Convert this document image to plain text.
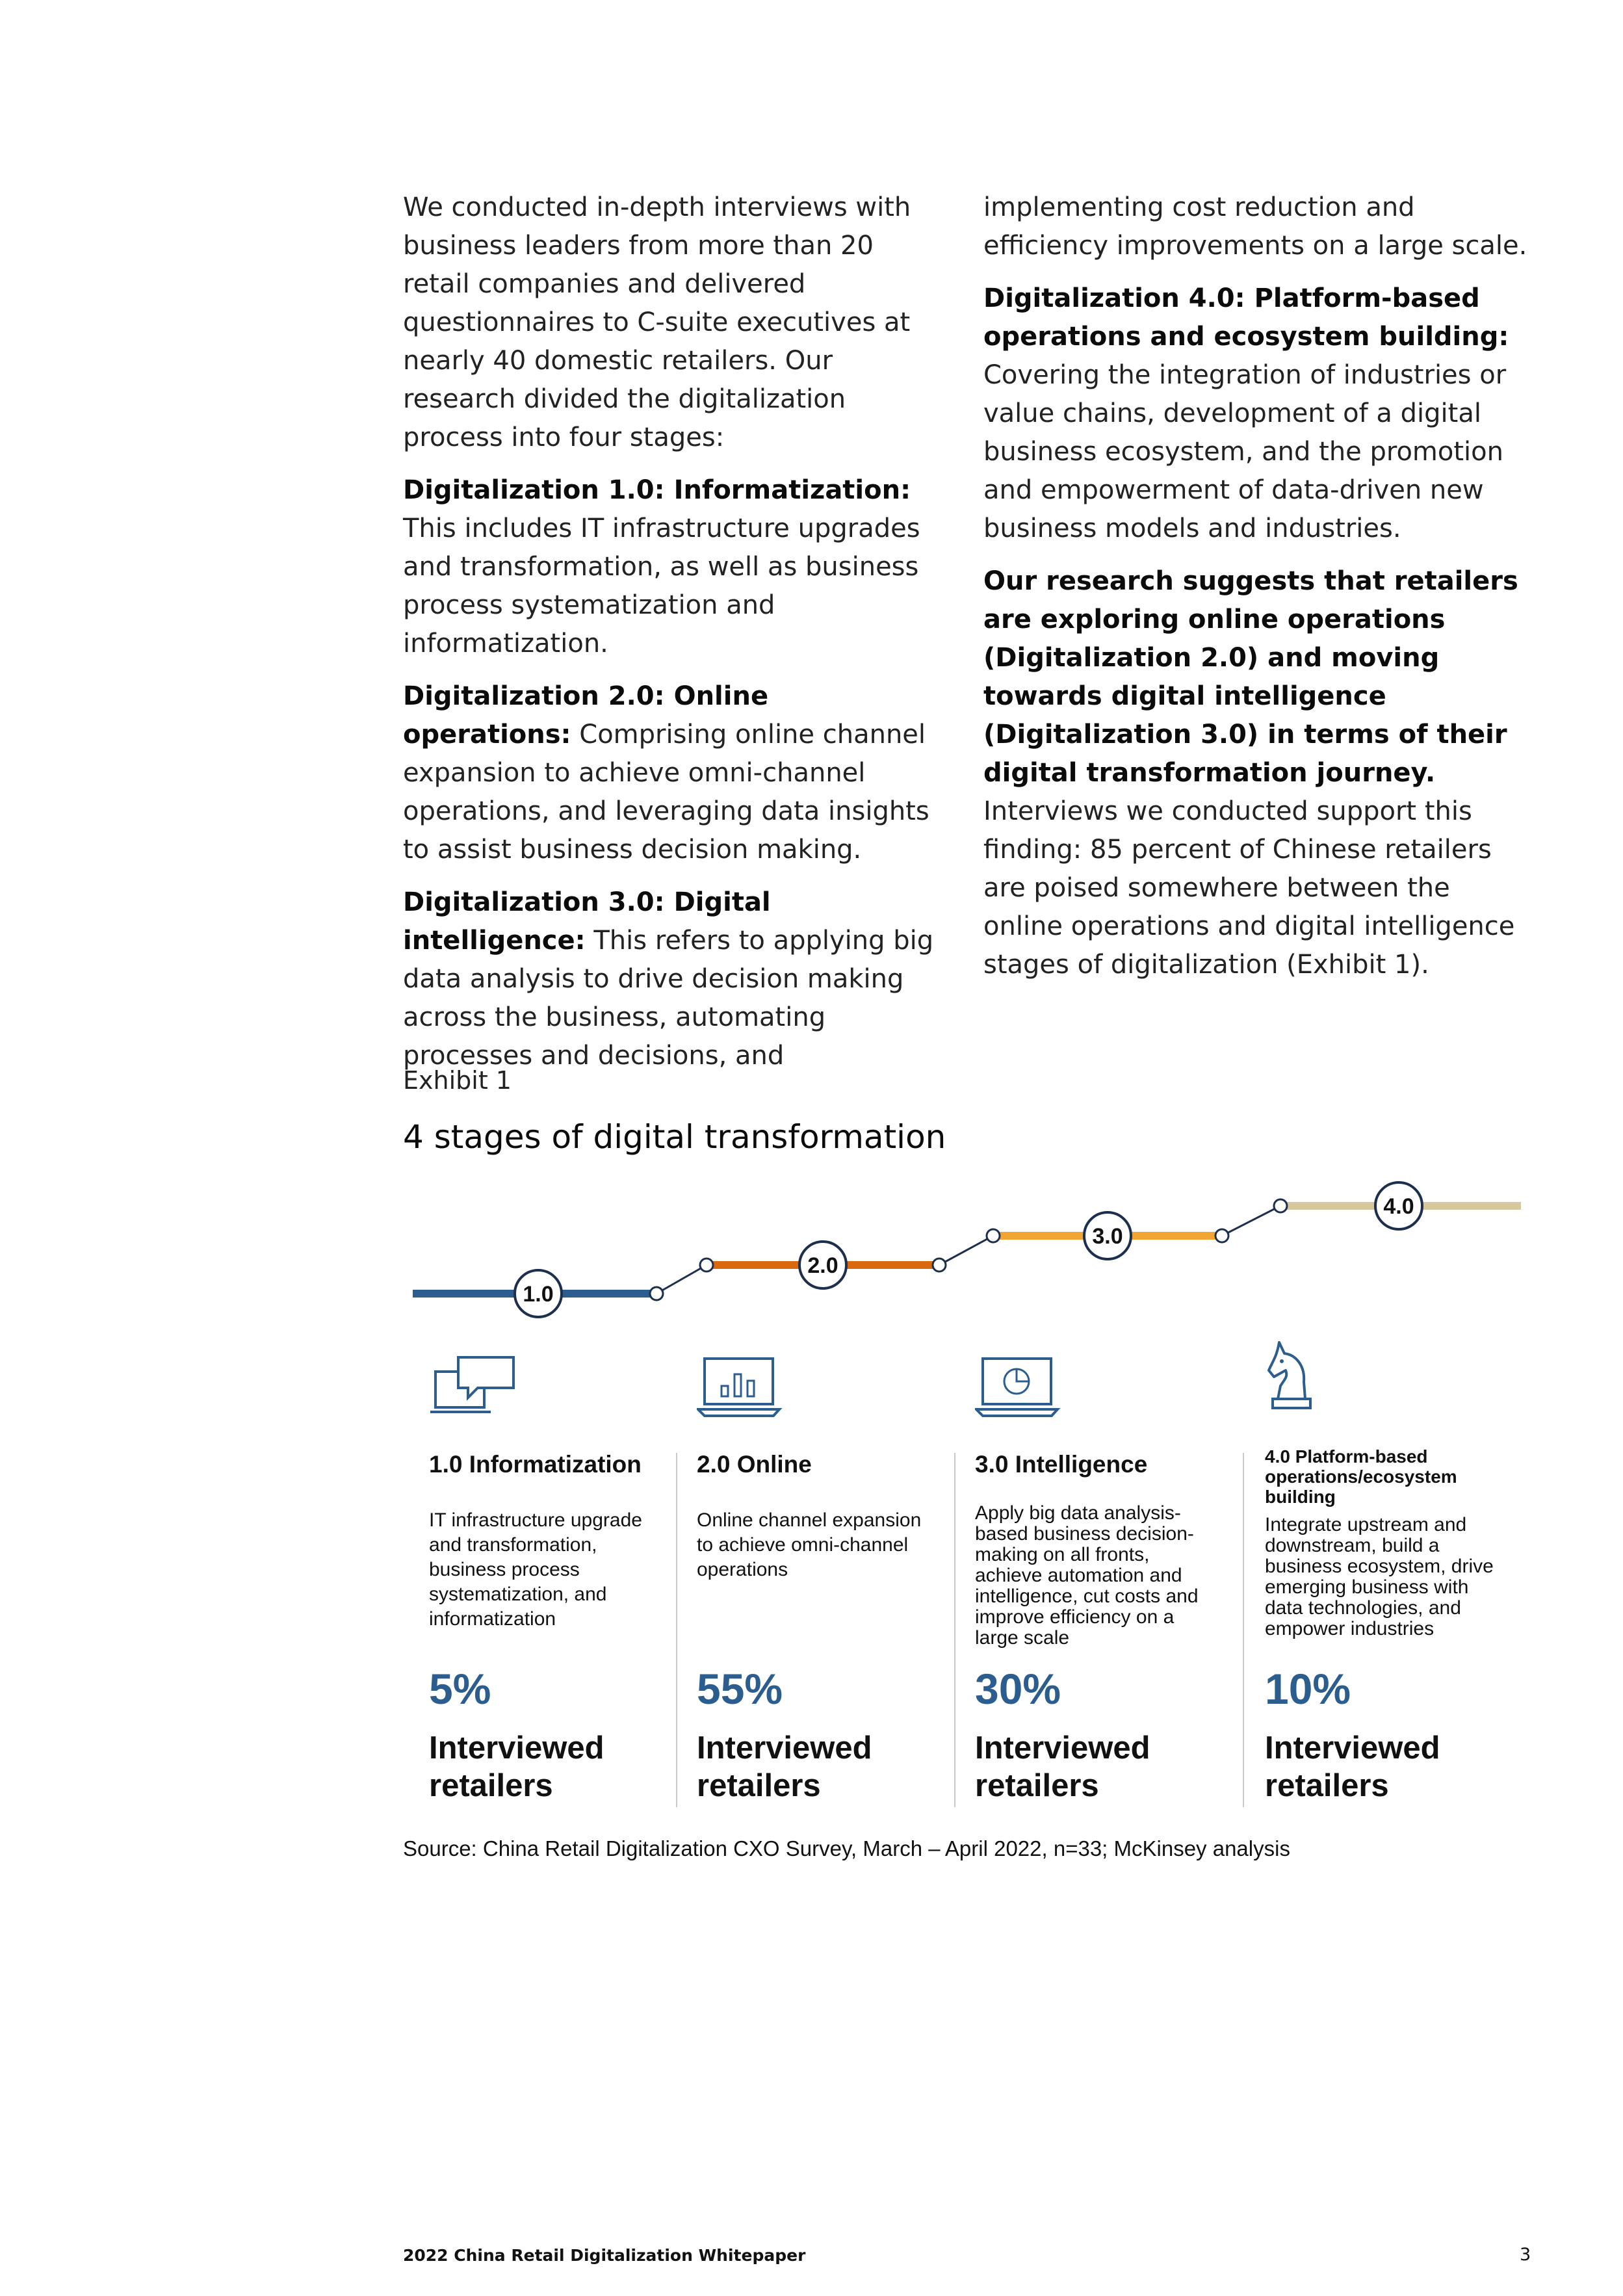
We conducted in-depth interviews with business leaders from more than 20 retail companies and delivered questionnaires to C-suite executives at nearly 40 domestic retailers. Our research divided the digitalization process into four stages:

Digitalization 1.0: Informatization: This includes IT infrastructure upgrades and transformation, as well as business process systematization and informatization.

Digitalization 2.0: Online operations: Comprising online channel expansion to achieve omni-channel operations, and leveraging data insights to assist business decision making.

Digitalization 3.0: Digital intelligence: This refers to applying big data analysis to drive decision making across the business, automating processes and decisions, and

implementing cost reduction and efficiency improvements on a large scale.

Digitalization 4.0: Platform-based operations and ecosystem building: Covering the integration of industries or value chains, development of a digital business ecosystem, and the promotion and empowerment of data-driven new business models and industries.

Our research suggests that retailers are exploring online operations (Digitalization 2.0) and moving towards digital intelligence (Digitalization 3.0) in terms of their digital transformation journey. Interviews we conducted support this finding: 85 percent of Chinese retailers are poised somewhere between the online operations and digital intelligence stages of digitalization (Exhibit 1).

Exhibit 1
4 stages of digital transformation
1.0
2.0
3.0
4.0
1.0 Informatization
IT infrastructure upgrade and transformation, business process systematization, and informatization
5%
Interviewed retailers
2.0 Online
Online channel expansion to achieve omni-channel operations
55%
Interviewed retailers
3.0 Intelligence
Apply big data analysis-based business decision-making on all fronts, achieve automation and intelligence, cut costs and improve efficiency on a large scale
30%
Interviewed retailers
4.0 Platform-based operations/ecosystem building
Integrate upstream and downstream, build a business ecosystem, drive emerging business with data technologies, and empower industries
10%
Interviewed retailers
Source: China Retail Digitalization CXO Survey, March – April 2022, n=33; McKinsey analysis
2022 China Retail Digitalization Whitepaper	3
